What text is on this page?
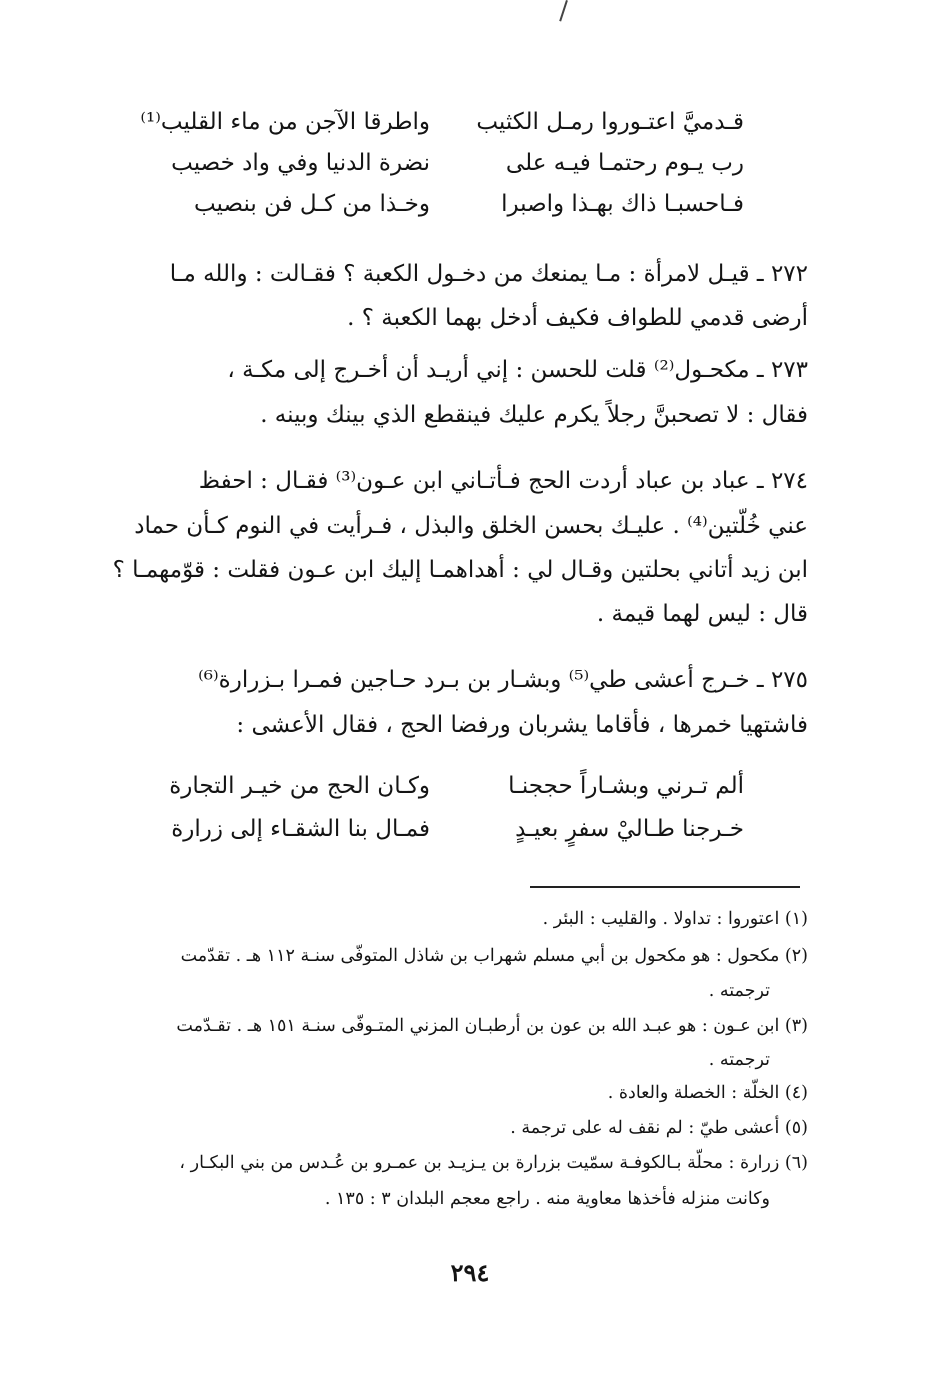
قـدميَّ اعتـوروا رمـل الكثيب
واطرقا الآجن من ماء القليب⁽¹⁾
رب يـوم رحتمـا فيـه على
نضرة الدنيا وفي واد خصيب
فـاحسبـا ذاك بهـذا واصبرا
وخـذا من كـل فن بنصيب
٢٧٢ ـ قيـل لامرأة : مـا يمنعك من دخـول الكعبة ؟ فقـالت : والله مـا
أرضى قدمي للطواف فكيف أدخل بهما الكعبة ؟ .
٢٧٣ ـ مكحـول⁽²⁾ قلت للحسن : إني أريـد أن أخـرج إلى مكـة ،
فقال : لا تصحبنَّ رجلاً يكرم عليك فينقطع الذي بينك وبينه .
٢٧٤ ـ عباد بن عباد أردت الحج فـأتـاني ابن عـون⁽³⁾ فقـال : احفظ
عني خُلّتين⁽⁴⁾ . عليـك بحسن الخلق والبذل ، فـرأيت في النوم كـأن حماد
ابن زيد أتاني بحلتين وقـال لي : أهداهمـا إليك ابن عـون فقلت : قوّمهمـا ؟
قال : ليس لهما قيمة .
٢٧٥ ـ خـرج أعشى طي⁽⁵⁾ وبشـار بن بـرد حـاجين فمـرا بـزرارة⁽⁶⁾
فاشتهيا خمرها ، فأقاما يشربان ورفضا الحج ، فقال الأعشى :
ألم تـرني وبشـاراً حججنـا
وكـان الحج من خيـر التجارة
خـرجنا طـاليْ سفرٍ بعيـدٍ
فمـال بنا الشقـاء إلى زرارة
(١) اعتوروا : تداولا . والقليب : البئر .
(٢) مكحول : هو مكحول بن أبي مسلم شهراب بن شاذل المتوفّى سنـة ١١٢ هـ . تقدّمت
ترجمته .
(٣) ابن عـون : هو عبـد الله بن عون بن أرطبـان المزني المتـوفّى سنـة ١٥١ هـ . تقـدّمت
ترجمته .
(٤) الخلّة : الخصلة والعادة .
(٥) أعشى طيّ : لم نقف له على ترجمة .
(٦) زرارة : محلّة بـالكوفـة سمّيت بزرارة بن يـزيـد بن عمـرو بن عُـدس من بني البكـار ،
وكانت منزله فأخذها معاوية منه . راجع معجم البلدان ٣ : ١٣٥ .
٢٩٤
